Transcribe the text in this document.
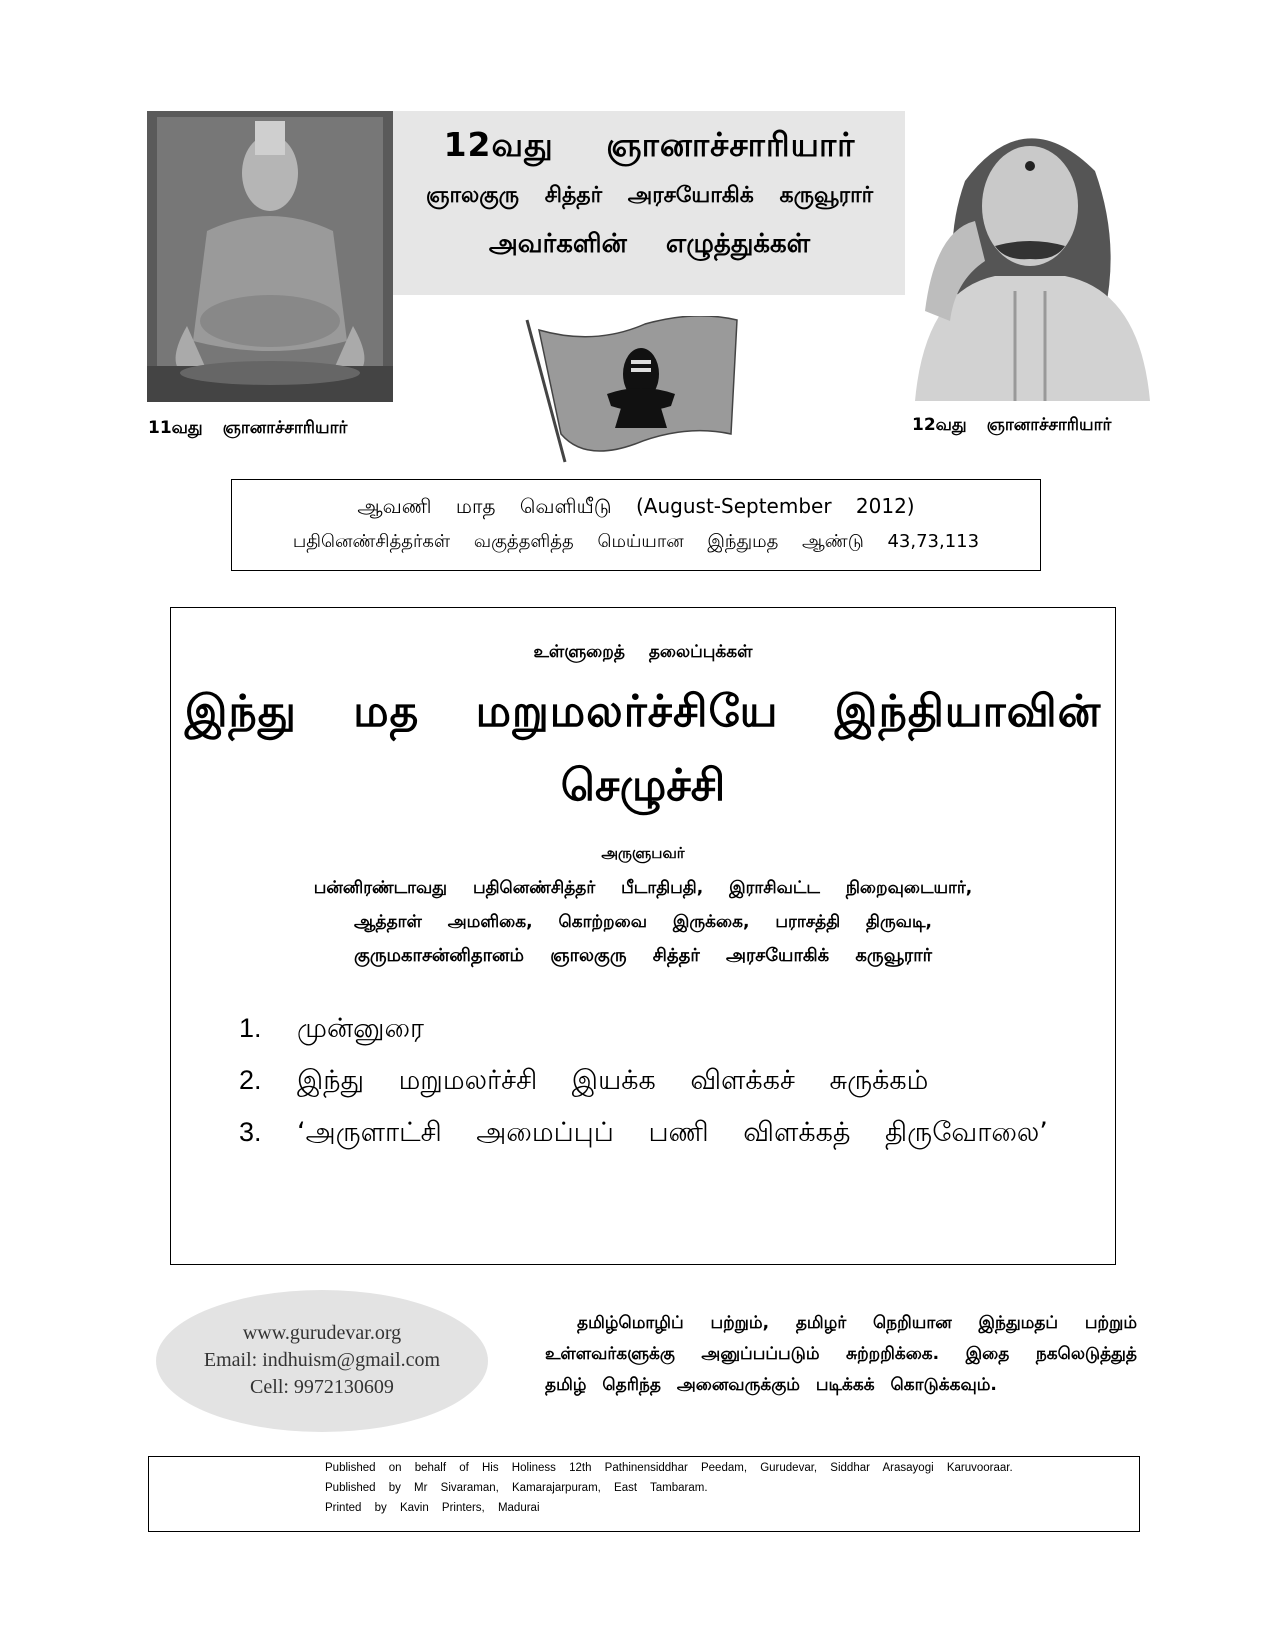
12வது ஞானாச்சாரியார்
ஞாலகுரு சித்தர் அரசயோகிக் கருவூரார்
அவர்களின் எழுத்துக்கள்
11வது ஞானாச்சாரியார்	12வது ஞானாச்சாரியார்
ஆவணி மாத வெளியீடு (August-September 2012)
பதினெண்சித்தர்கள் வகுத்தளித்த மெய்யான இந்துமத ஆண்டு 43,73,113
உள்ளுறைத் தலைப்புக்கள்
இந்து மத மறுமலர்ச்சியே இந்தியாவின்
செழுச்சி
அருளுபவர்
பன்னிரண்டாவது பதினெண்சித்தர் பீடாதிபதி, இராசிவட்ட நிறைவுடையார்,
ஆத்தாள் அமளிகை, கொற்றவை இருக்கை, பராசத்தி திருவடி,
குருமகாசன்னிதானம் ஞாலகுரு சித்தர் அரசயோகிக் கருவூரார்
1. முன்னுரை
2. இந்து மறுமலர்ச்சி இயக்க விளக்கச் சுருக்கம்
3. ‘அருளாட்சி அமைப்புப் பணி விளக்கத் திருவோலை’
www.gurudevar.org
Email: indhuism@gmail.com
Cell: 9972130609

தமிழ்மொழிப் பற்றும், தமிழர் நெறியான இந்துமதப் பற்றும் உள்ளவர்களுக்கு அனுப்பப்படும் சுற்றறிக்கை. இதை நகலெடுத்துத் தமிழ் தெரிந்த அனைவருக்கும் படிக்கக் கொடுக்கவும்.

Published on behalf of His Holiness 12th Pathinensiddhar Peedam, Gurudevar, Siddhar Arasayogi Karuvooraar.
Published by Mr Sivaraman, Kamarajarpuram, East Tambaram.
Printed by Kavin Printers, Madurai
